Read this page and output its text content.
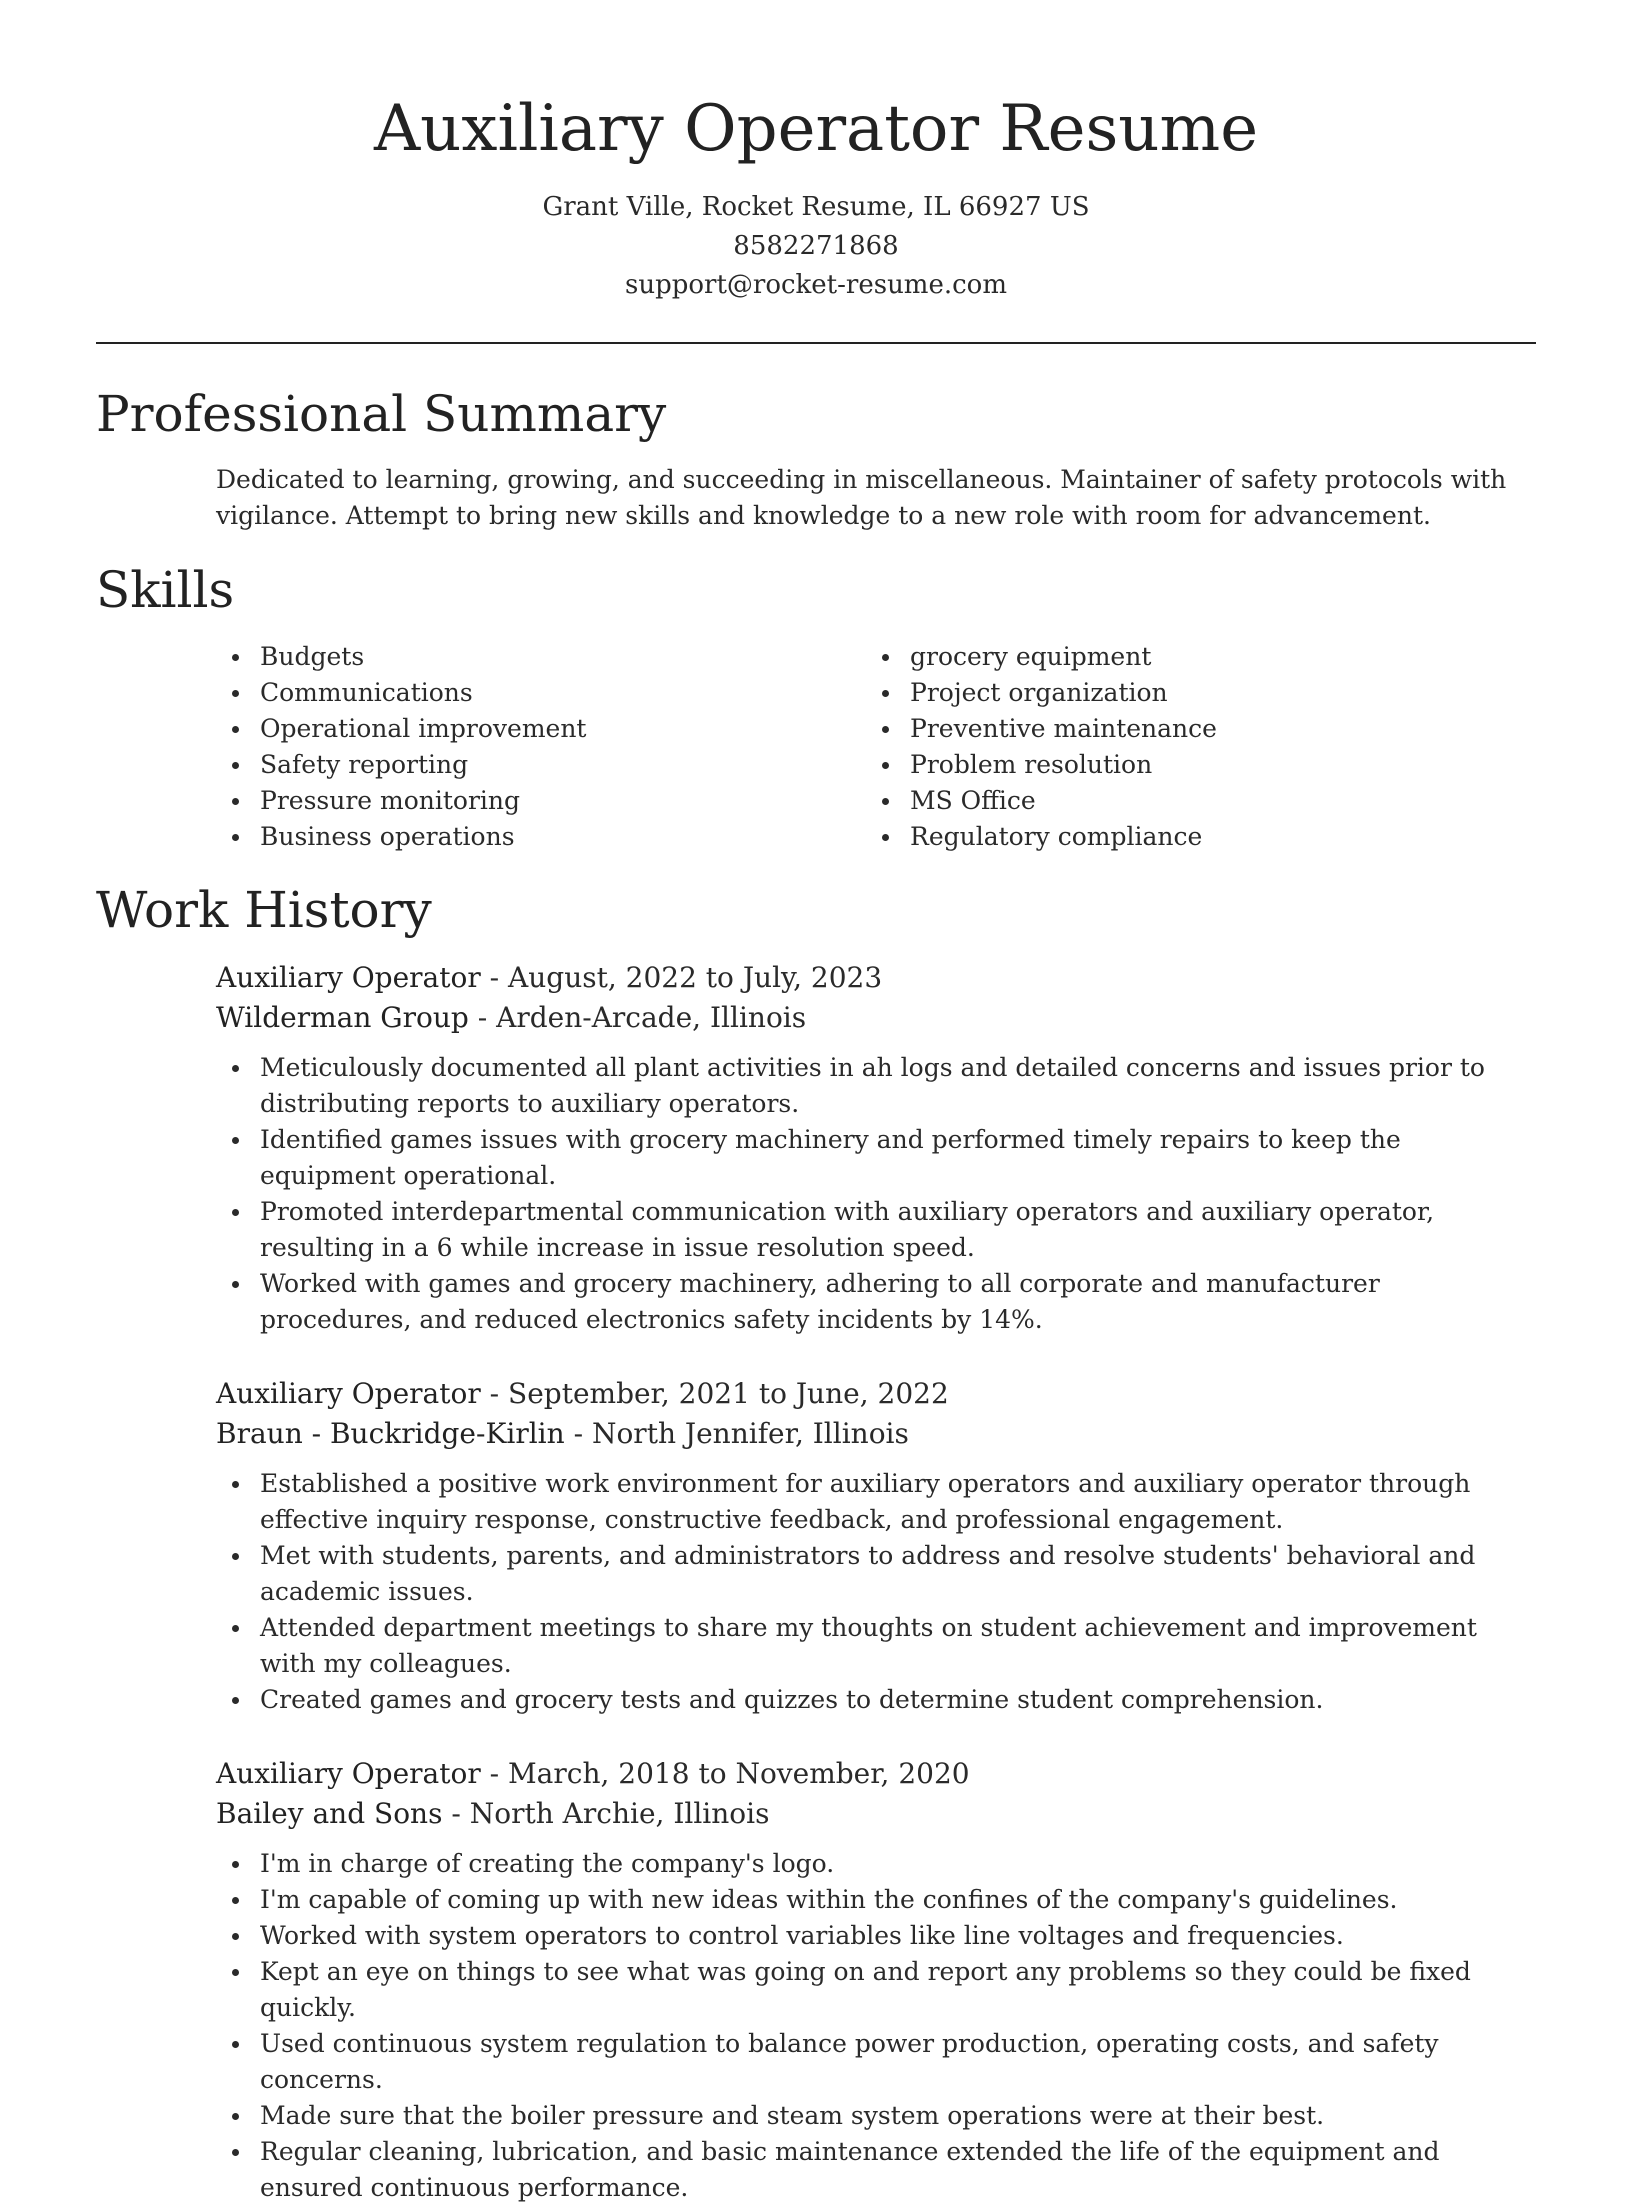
Auxiliary Operator Resume
Grant Ville, Rocket Resume, IL 66927 US
8582271868
support@rocket-resume.com
Professional Summary
Dedicated to learning, growing, and succeeding in miscellaneous. Maintainer of safety protocols with vigilance. Attempt to bring new skills and knowledge to a new role with room for advancement.
Skills
Budgets
Communications
Operational improvement
Safety reporting
Pressure monitoring
Business operations
grocery equipment
Project organization
Preventive maintenance
Problem resolution
MS Office
Regulatory compliance
Work History
Auxiliary Operator - August, 2022 to July, 2023
Wilderman Group - Arden-Arcade, Illinois
Meticulously documented all plant activities in ah logs and detailed concerns and issues prior to distributing reports to auxiliary operators.
Identified games issues with grocery machinery and performed timely repairs to keep the equipment operational.
Promoted interdepartmental communication with auxiliary operators and auxiliary operator, resulting in a 6 while increase in issue resolution speed.
Worked with games and grocery machinery, adhering to all corporate and manufacturer procedures, and reduced electronics safety incidents by 14%.
Auxiliary Operator - September, 2021 to June, 2022
Braun - Buckridge-Kirlin - North Jennifer, Illinois
Established a positive work environment for auxiliary operators and auxiliary operator through effective inquiry response, constructive feedback, and professional engagement.
Met with students, parents, and administrators to address and resolve students' behavioral and academic issues.
Attended department meetings to share my thoughts on student achievement and improvement with my colleagues.
Created games and grocery tests and quizzes to determine student comprehension.
Auxiliary Operator - March, 2018 to November, 2020
Bailey and Sons - North Archie, Illinois
I'm in charge of creating the company's logo.
I'm capable of coming up with new ideas within the confines of the company's guidelines.
Worked with system operators to control variables like line voltages and frequencies.
Kept an eye on things to see what was going on and report any problems so they could be fixed quickly.
Used continuous system regulation to balance power production, operating costs, and safety concerns.
Made sure that the boiler pressure and steam system operations were at their best.
Regular cleaning, lubrication, and basic maintenance extended the life of the equipment and ensured continuous performance.
